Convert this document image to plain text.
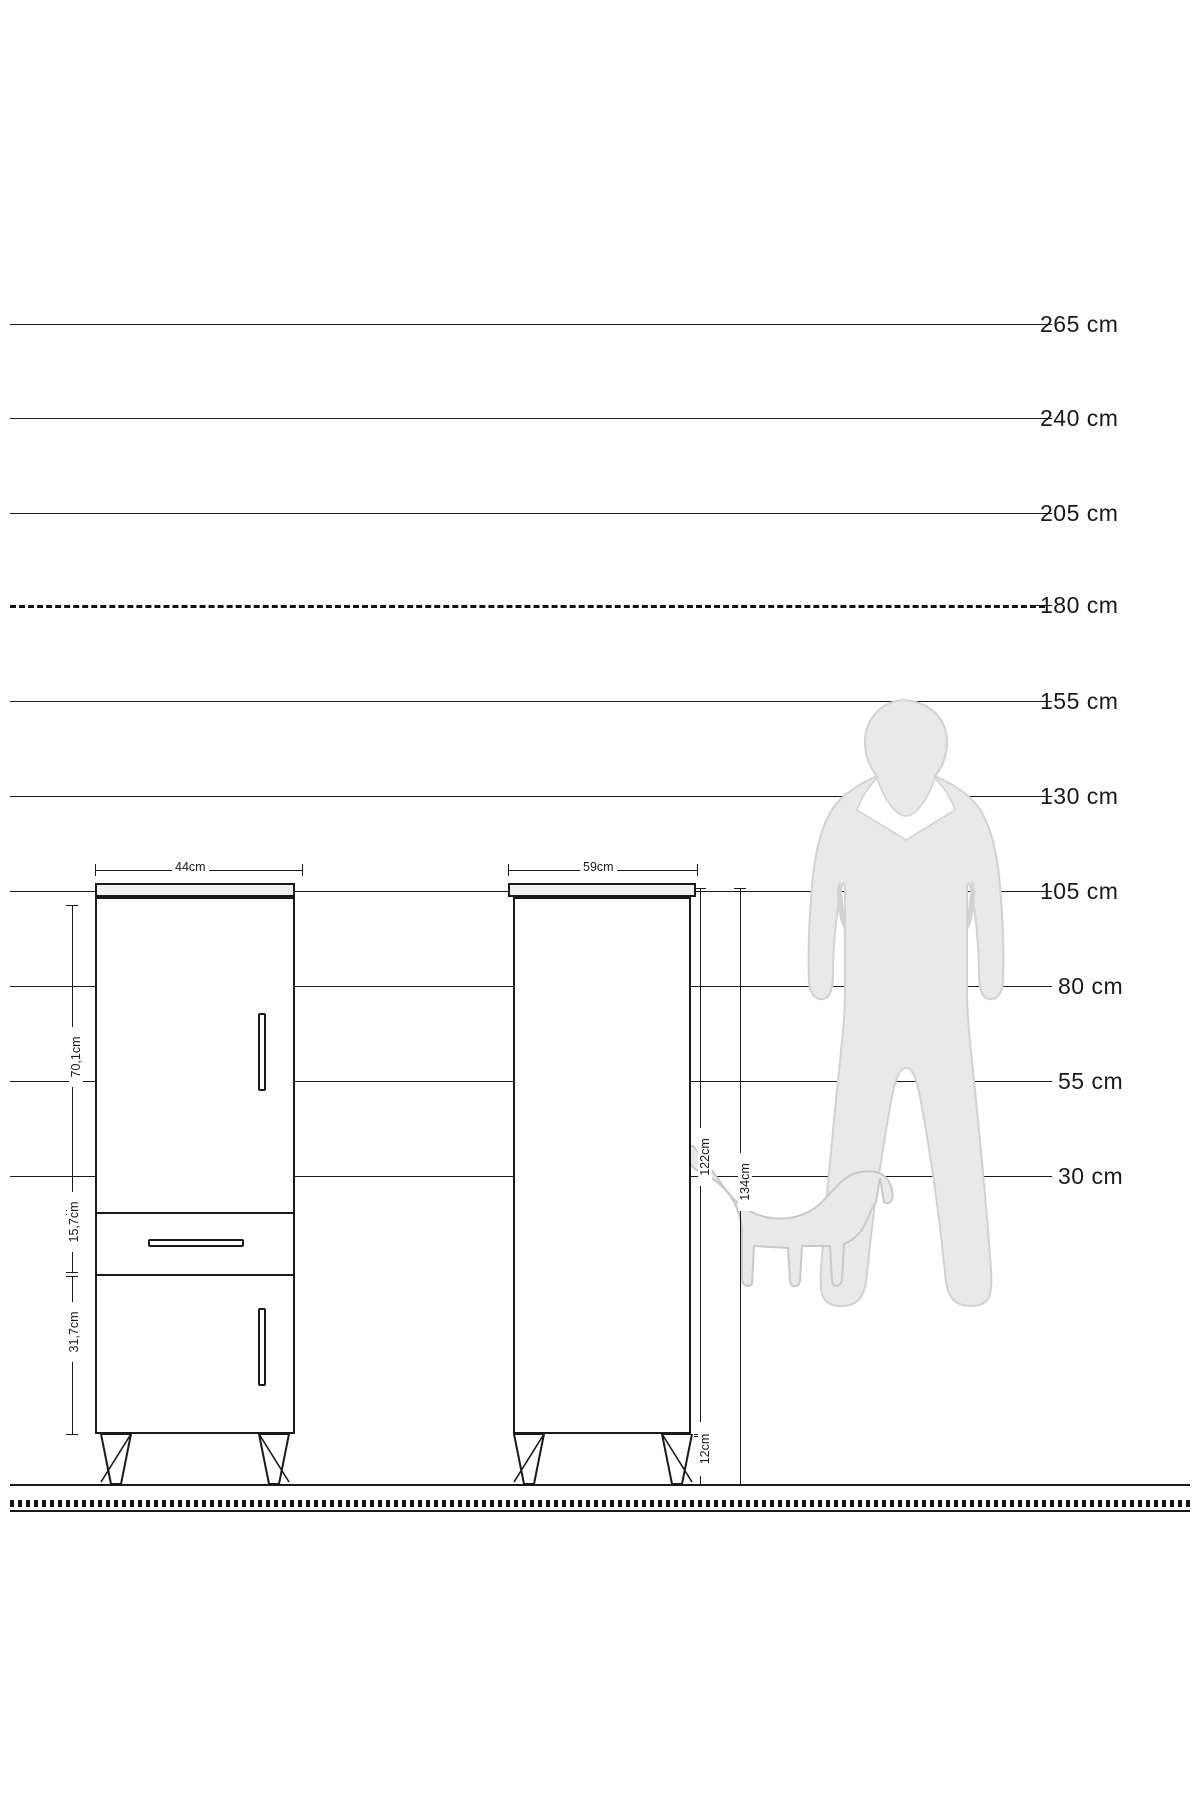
265 cm
240 cm
205 cm
180 cm
155 cm
130 cm
105 cm
80 cm
55 cm
30 cm
44cm	59cm
70,1cm
15,7cm
31,7cm
122cm
134cm
12cm
